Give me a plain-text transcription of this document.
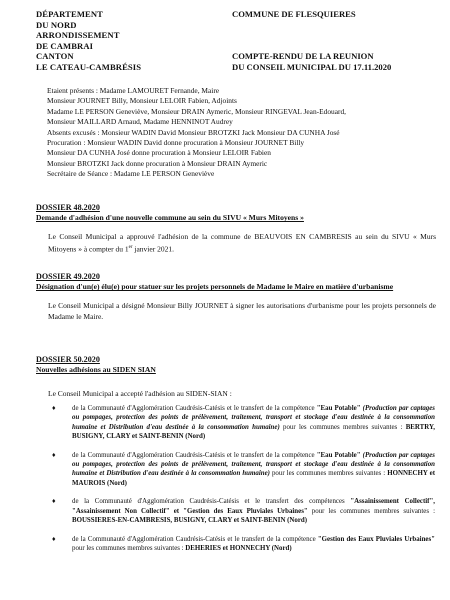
DÉPARTEMENT
DU NORD
ARRONDISSEMENT
DE CAMBRAI
CANTON
LE CATEAU-CAMBRÉSIS
COMMUNE DE FLESQUIERES
COMPTE-RENDU DE LA REUNION
DU CONSEIL MUNICIPAL DU 17.11.2020
Etaient présents : Madame LAMOURET Fernande, Maire
Monsieur JOURNET Billy, Monsieur LELOIR Fabien, Adjoints
Madame LE PERSON Geneviève, Monsieur DRAIN Aymeric, Monsieur RINGEVAL Jean-Edouard,
Monsieur MAILLARD Arnaud, Madame HENNINOT Audrey
Absents excusés : Monsieur WADIN David Monsieur BROTZKI Jack Monsieur DA CUNHA José
Procuration : Monsieur WADIN David donne procuration à Monsieur JOURNET Billy
Monsieur DA CUNHA José donne procuration à Monsieur LELOIR Fabien
Monsieur BROTZKI Jack donne procuration à Monsieur DRAIN Aymeric
Secrétaire de Séance : Madame LE PERSON Geneviève
DOSSIER 48.2020
Demande d'adhésion d'une nouvelle commune au sein du SIVU « Murs Mitoyens »
Le Conseil Municipal a approuvé l'adhésion de la commune de BEAUVOIS EN CAMBRESIS au sein du SIVU « Murs Mitoyens » à compter du 1er janvier 2021.
DOSSIER 49.2020
Désignation d'un(e) élu(e) pour statuer sur les projets personnels de Madame le Maire en matière d'urbanisme
Le Conseil Municipal a désigné Monsieur Billy JOURNET à signer les autorisations d'urbanisme pour les projets personnels de Madame le Maire.
DOSSIER 50.2020
Nouvelles adhésions au SIDEN SIAN
Le Conseil Municipal a accepté l'adhésion au SIDEN-SIAN :
♦ de la Communauté d'Agglomération Caudrésis-Catésis et le transfert de la compétence "Eau Potable" (Production par captages ou pompages, protection des points de prélèvement, traitement, transport et stockage d'eau destinée à la consommation humaine et Distribution d'eau destinée à la consommation humaine) pour les communes membres suivantes : BERTRY, BUSIGNY, CLARY et SAINT-BENIN (Nord)
♦ de la Communauté d'Agglomération Caudrésis-Catésis et le transfert de la compétence "Eau Potable" (Production par captages ou pompages, protection des points de prélèvement, traitement, transport et stockage d'eau destinée à la consommation humaine et Distribution d'eau destinée à la consommation humaine) pour les communes membres suivantes : HONNECHY et MAUROIS (Nord)
♦ de la Communauté d'Agglomération Caudrésis-Catésis et le transfert des compétences "Assainissement Collectif", "Assainissement Non Collectif" et "Gestion des Eaux Pluviales Urbaines" pour les communes membres suivantes : BOUSSIERES-EN-CAMBRESIS, BUSIGNY, CLARY et SAINT-BENIN (Nord)
♦ de la Communauté d'Agglomération Caudrésis-Catésis et le transfert de la compétence "Gestion des Eaux Pluviales Urbaines" pour les communes membres suivantes : DEHERIES et HONNECHY (Nord)
